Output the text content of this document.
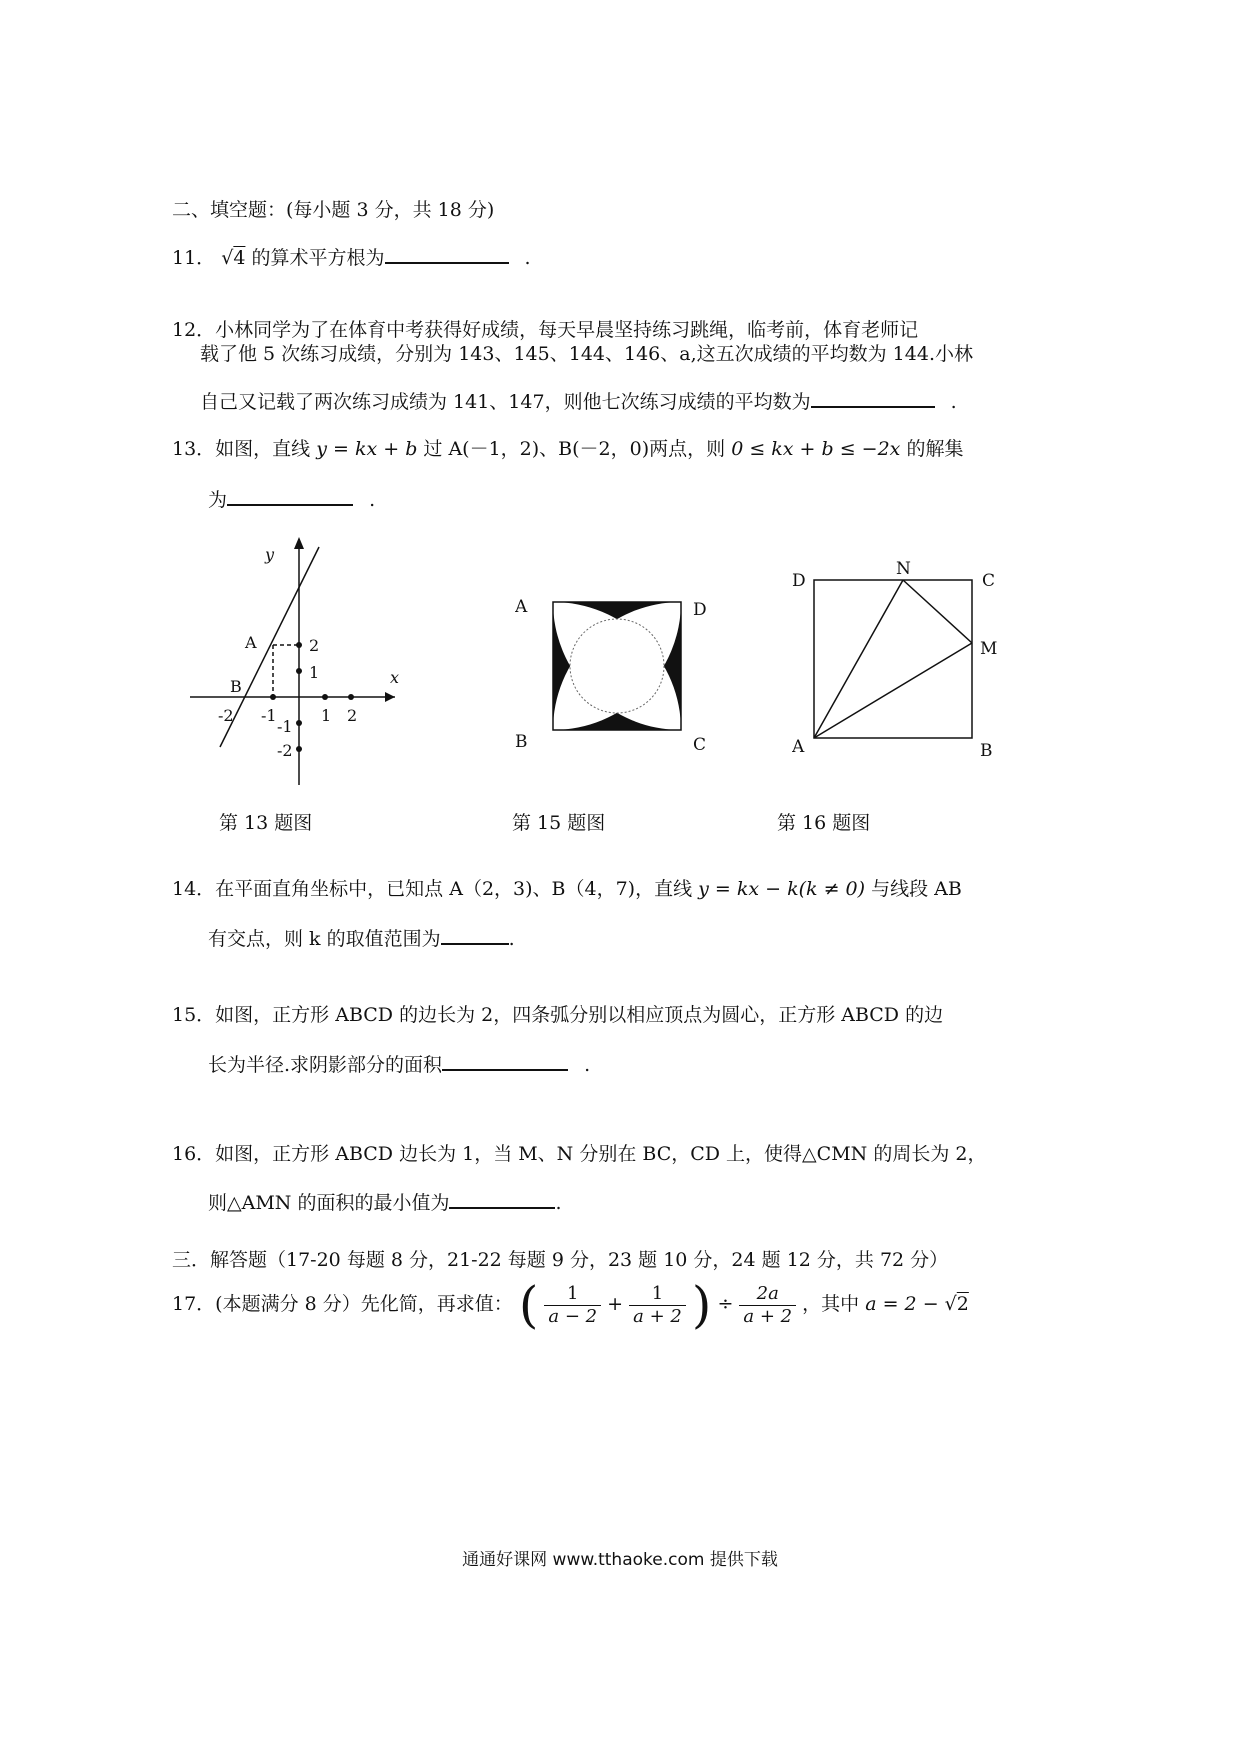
二、填空题：(每小题 3 分，共 18 分)
11． √4 的算术平方根为	.
12．小林同学为了在体育中考获得好成绩，每天早晨坚持练习跳绳，临考前，体育老师记
载了他 5 次练习成绩，分别为 143、145、144、146、a,这五次成绩的平均数为 144.小林
自己又记载了两次练习成绩为 141、147，则他七次练习成绩的平均数为	.
13．如图，直线 y = kx + b 过 A(－1，2)、B(－2，0)两点，则 0 ≤ kx + b ≤ −2x 的解集
为	.
y
x
A
B
-2 -1	1 2
2
1
-1
-2
A	D
B	C
D
N
C
M
A	B
第 13 题图	第 15 题图	第 16 题图
14．在平面直角坐标中，已知点 A（2，3)、B（4，7)，直线 y = kx − k(k ≠ 0) 与线段 AB
有交点，则 k 的取值范围为	.
15．如图，正方形 ABCD 的边长为 2，四条弧分别以相应顶点为圆心，正方形 ABCD 的边
长为半径.求阴影部分的面积	.
16．如图，正方形 ABCD 边长为 1，当 M、N 分别在 BC，CD 上，使得△CMN 的周长为 2，
则△AMN 的面积的最小值为	.
三．解答题（17-20 每题 8 分，21-22 每题 9 分，23 题 10 分，24 题 12 分，共 72 分）
17．(本题满分 8 分）先化简，再求值： ( $\frac{1}{a - 2} + \frac{1}{a + 2}$ ) ÷ $\frac{2a}{a + 2}$ ，其中 a = 2 − √2
通通好课网 www.tthaoke.com 提供下载
